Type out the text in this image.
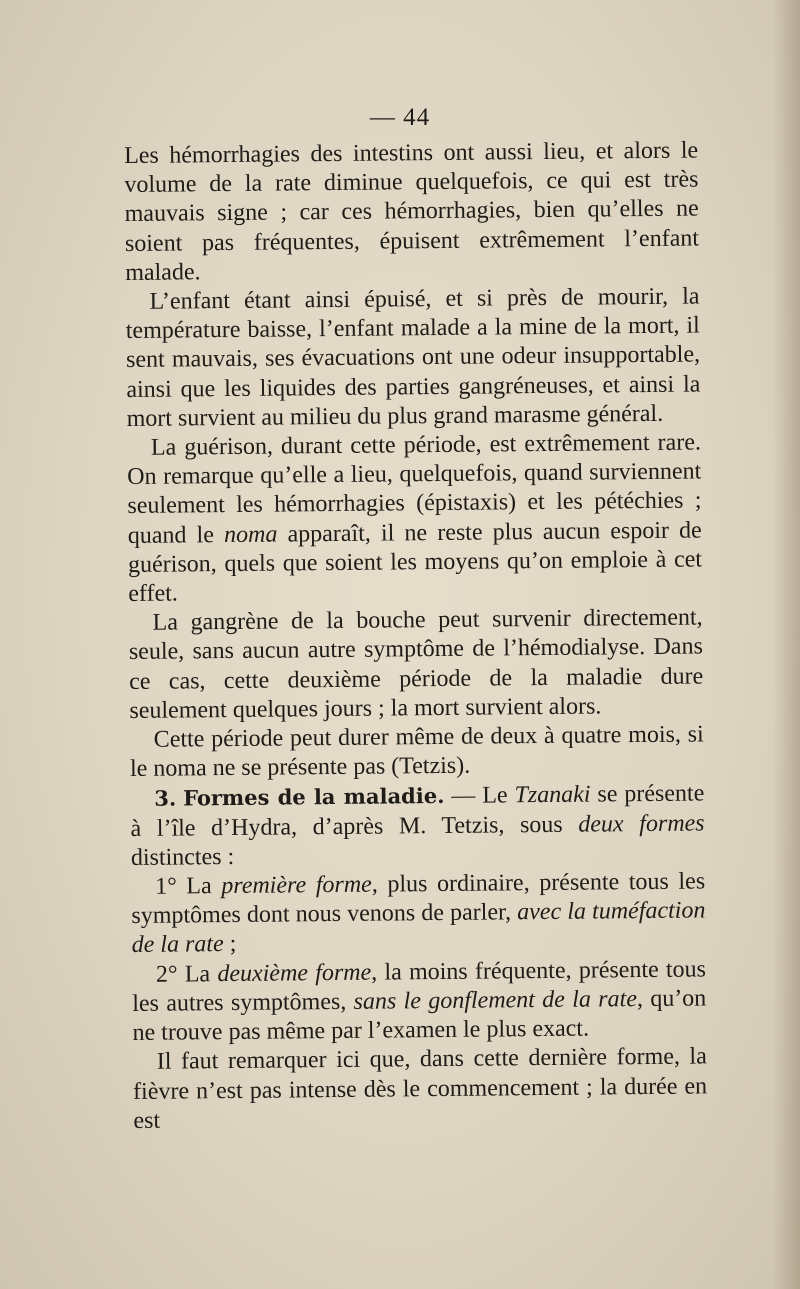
— 44

Les hémorrhagies des intestins ont aussi lieu, et alors le volume de la rate diminue quelquefois, ce qui est très mauvais signe ; car ces hémorrhagies, bien qu’elles ne soient pas fréquentes, épuisent extrêmement l’enfant malade.

L’enfant étant ainsi épuisé, et si près de mourir, la température baisse, l’enfant malade a la mine de la mort, il sent mauvais, ses évacuations ont une odeur insupportable, ainsi que les liquides des parties gangréneuses, et ainsi la mort survient au milieu du plus grand marasme général.

La guérison, durant cette période, est extrêmement rare. On remarque qu’elle a lieu, quelquefois, quand surviennent seulement les hémorrhagies (épistaxis) et les pétéchies ; quand le noma apparaît, il ne reste plus aucun espoir de guérison, quels que soient les moyens qu’on emploie à cet effet.

La gangrène de la bouche peut survenir directement, seule, sans aucun autre symptôme de l’hémodialyse. Dans ce cas, cette deuxième période de la maladie dure seulement quelques jours ; la mort survient alors.

Cette période peut durer même de deux à quatre mois, si le noma ne se présente pas (Tetzis).

3. Formes de la maladie. — Le Tzanaki se présente à l’île d’Hydra, d’après M. Tetzis, sous deux formes distinctes :

1° La première forme, plus ordinaire, présente tous les symptômes dont nous venons de parler, avec la tuméfaction de la rate ;

2° La deuxième forme, la moins fréquente, présente tous les autres symptômes, sans le gonflement de la rate, qu’on ne trouve pas même par l’examen le plus exact.

Il faut remarquer ici que, dans cette dernière forme, la fièvre n’est pas intense dès le commencement ; la durée en est
